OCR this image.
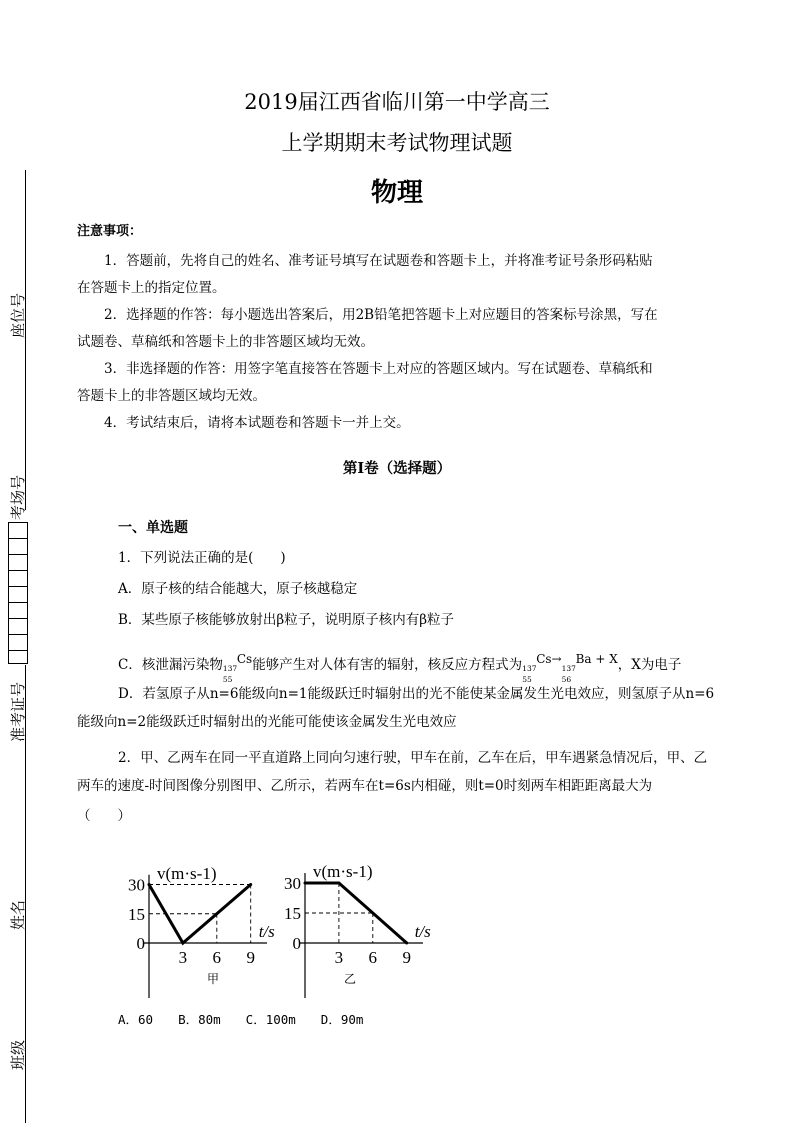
2019届江西省临川第一中学高三
上学期期末考试物理试题
物理
注意事项：
1．答题前，先将自己的姓名、准考证号填写在试题卷和答题卡上，并将准考证号条形码粘贴
在答题卡上的指定位置。
2．选择题的作答：每小题选出答案后，用2B铅笔把答题卡上对应题目的答案标号涂黑，写在
试题卷、草稿纸和答题卡上的非答题区域均无效。
3．非选择题的作答：用签字笔直接答在答题卡上对应的答题区域内。写在试题卷、草稿纸和
答题卡上的非答题区域均无效。
4．考试结束后，请将本试题卷和答题卡一并上交。
第Ⅰ卷（选择题）
一、单选题
1．下列说法正确的是(　　)
A．原子核的结合能越大，原子核越稳定
B．某些原子核能够放射出β粒子，说明原子核内有β粒子
C．核泄漏污染物 137
55
Cs能够产生对人体有害的辐射，核反应方程式为 137
55
Cs→
137
56
Ba + X，X为电子
D．若氢原子从n=6能级向n=1能级跃迁时辐射出的光不能使某金属发生光电效应，则氢原子从n=6
能级向n=2能级跃迁时辐射出的光能可能使该金属发生光电效应
2．甲、乙两车在同一平直道路上同向匀速行驶，甲车在前，乙车在后，甲车遇紧急情况后，甲、乙
两车的速度-时间图像分别图甲、乙所示，若两车在t=6s内相碰，则t=0时刻两车相距距离最大为
（　　）
0
15
30
3 6 9
v(m·s-1)
t/s
甲
0
15
30
3 6 9
v(m·s-1)
t/s
乙
A．60　　B．80m　　C．100m　　D．90m
座位号
考场号
准考证号
姓名
班级
